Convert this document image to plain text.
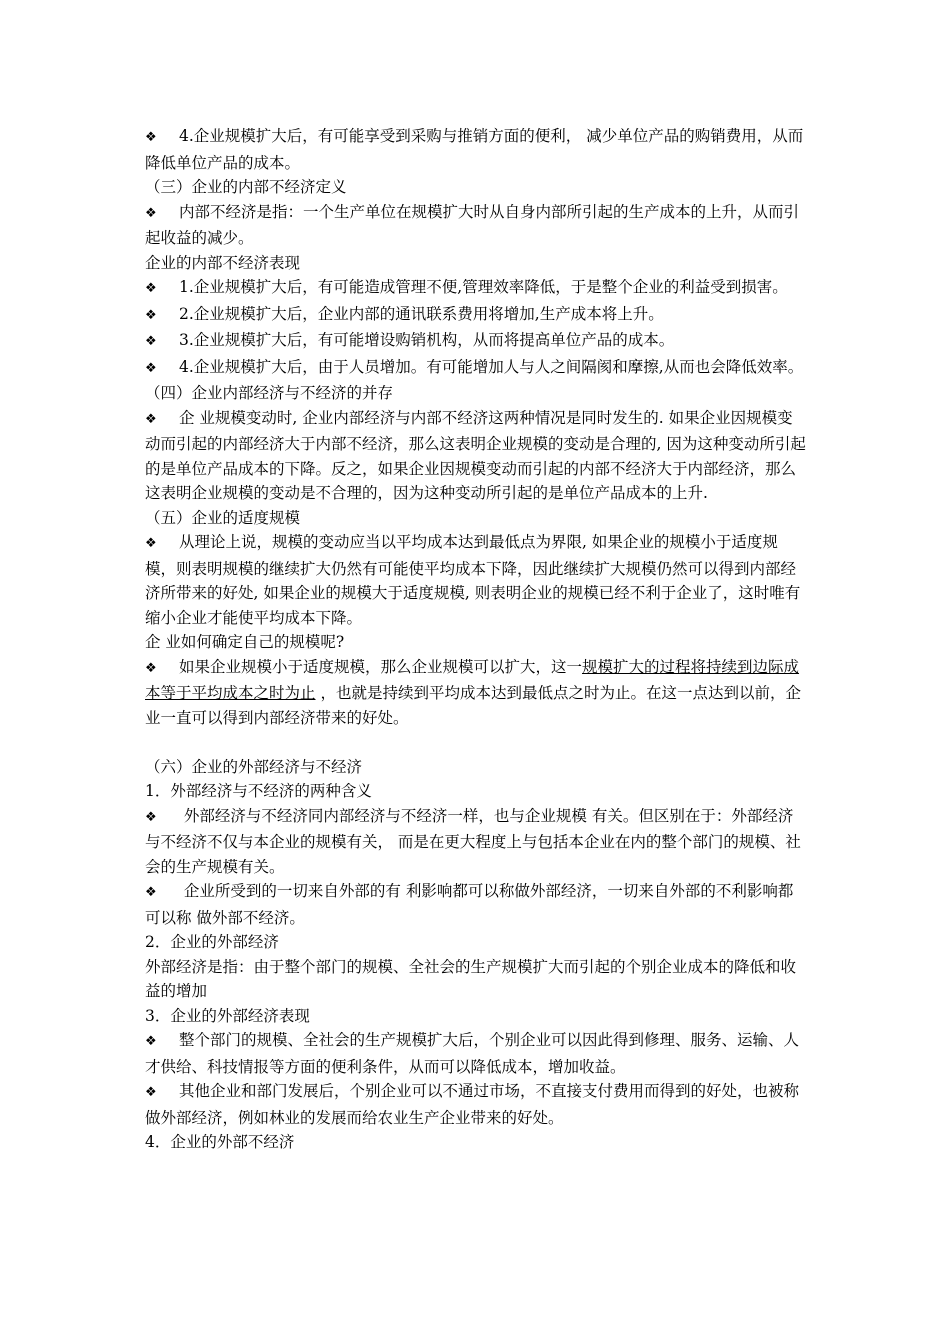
❖ 4.企业规模扩大后，有可能享受到采购与推销方面的便利， 减少单位产品的购销费用，从而降低单位产品的成本。

（三）企业的内部不经济定义

❖ 内部不经济是指：一个生产单位在规模扩大时从自身内部所引起的生产成本的上升，从而引起收益的减少。

企业的内部不经济表现

❖ 1.企业规模扩大后，有可能造成管理不便,管理效率降低，于是整个企业的利益受到损害。

❖ 2.企业规模扩大后，企业内部的通讯联系费用将增加,生产成本将上升。

❖ 3.企业规模扩大后，有可能增设购销机构，从而将提高单位产品的成本。

❖ 4.企业规模扩大后，由于人员增加。有可能增加人与人之间隔阂和摩擦,从而也会降低效率。

（四）企业内部经济与不经济的并存

❖ 企 业规模变动时, 企业内部经济与内部不经济这两种情况是同时发生的. 如果企业因规模变动而引起的内部经济大于内部不经济，那么这表明企业规模的变动是合理的, 因为这种变动所引起的是单位产品成本的下降。反之，如果企业因规模变动而引起的内部不经济大于内部经济，那么这表明企业规模的变动是不合理的，因为这种变动所引起的是单位产品成本的上升.

（五）企业的适度规模

❖ 从理论上说，规模的变动应当以平均成本达到最低点为界限, 如果企业的规模小于适度规模，则表明规模的继续扩大仍然有可能使平均成本下降，因此继续扩大规模仍然可以得到内部经济所带来的好处, 如果企业的规模大于适度规模, 则表明企业的规模已经不利于企业了，这时唯有缩小企业才能使平均成本下降。

企 业如何确定自己的规模呢?

❖ 如果企业规模小于适度规模，那么企业规模可以扩大，这一规模扩大的过程将持续到边际成本等于平均成本之时为止 ，也就是持续到平均成本达到最低点之时为止。在这一点达到以前，企业一直可以得到内部经济带来的好处。

（六）企业的外部经济与不经济

1．外部经济与不经济的两种含义

❖ 外部经济与不经济同内部经济与不经济一样，也与企业规模 有关。但区别在于：外部经济与不经济不仅与本企业的规模有关， 而是在更大程度上与包括本企业在内的整个部门的规模、社会的生产规模有关。

❖ 企业所受到的一切来自外部的有 利影响都可以称做外部经济，一切来自外部的不利影响都可以称 做外部不经济。

2．企业的外部经济

外部经济是指：由于整个部门的规模、全社会的生产规模扩大而引起的个别企业成本的降低和收益的增加

3．企业的外部经济表现

❖ 整个部门的规模、全社会的生产规模扩大后，个别企业可以因此得到修理、服务、运输、人才供给、科技情报等方面的便利条件，从而可以降低成本，增加收益。

❖ 其他企业和部门发展后，个别企业可以不通过市场，不直接支付费用而得到的好处，也被称做外部经济，例如林业的发展而给农业生产企业带来的好处。

4．企业的外部不经济
